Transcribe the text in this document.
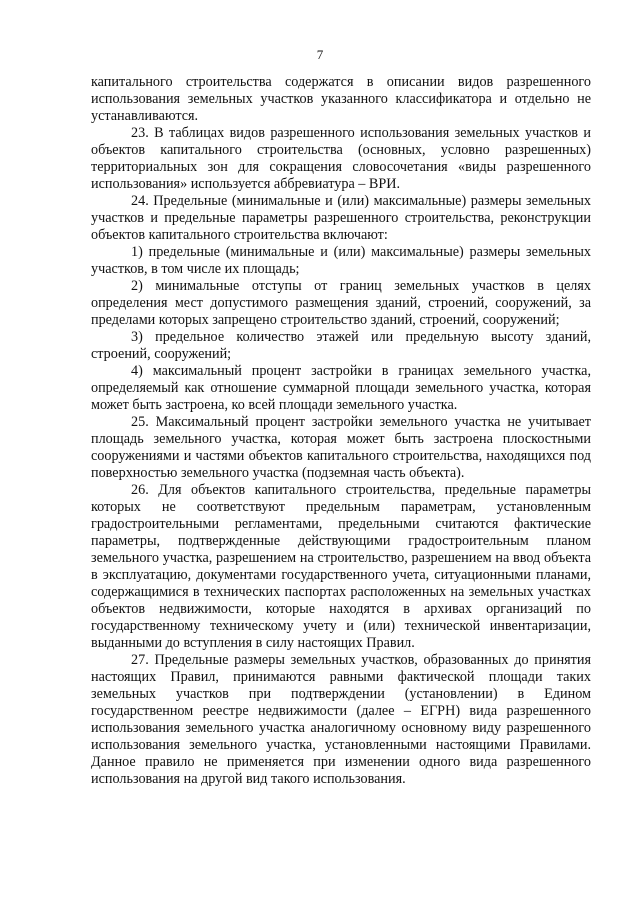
7

капитального строительства содержатся в описании видов разрешенного использования земельных участков указанного классификатора и отдельно не устанавливаются.

23. В таблицах видов разрешенного использования земельных участков и объектов капитального строительства (основных, условно разрешенных) территориальных зон для сокращения словосочетания «виды разрешенного использования» используется аббревиатура – ВРИ.

24. Предельные (минимальные и (или) максимальные) размеры земельных участков и предельные параметры разрешенного строительства, реконструкции объектов капитального строительства включают:

1) предельные (минимальные и (или) максимальные) размеры земельных участков, в том числе их площадь;

2) минимальные отступы от границ земельных участков в целях определения мест допустимого размещения зданий, строений, сооружений, за пределами которых запрещено строительство зданий, строений, сооружений;

3) предельное количество этажей или предельную высоту зданий, строений, сооружений;

4) максимальный процент застройки в границах земельного участка, определяемый как отношение суммарной площади земельного участка, которая может быть застроена, ко всей площади земельного участка.

25. Максимальный процент застройки земельного участка не учитывает площадь земельного участка, которая может быть застроена плоскостными сооружениями и частями объектов капитального строительства, находящихся под поверхностью земельного участка (подземная часть объекта).

26. Для объектов капитального строительства, предельные параметры которых не соответствуют предельным параметрам, установленным градостроительными регламентами, предельными считаются фактические параметры, подтвержденные действующими градостроительным планом земельного участка, разрешением на строительство, разрешением на ввод объекта в эксплуатацию, документами государственного учета, ситуационными планами, содержащимися в технических паспортах расположенных на земельных участках объектов недвижимости, которые находятся в архивах организаций по государственному техническому учету и (или) технической инвентаризации, выданными до вступления в силу настоящих Правил.

27. Предельные размеры земельных участков, образованных до принятия настоящих Правил, принимаются равными фактической площади таких земельных участков при подтверждении (установлении) в Едином государственном реестре недвижимости (далее – ЕГРН) вида разрешенного использования земельного участка аналогичному основному виду разрешенного использования земельного участка, установленными настоящими Правилами. Данное правило не применяется при изменении одного вида разрешенного использования на другой вид такого использования.
